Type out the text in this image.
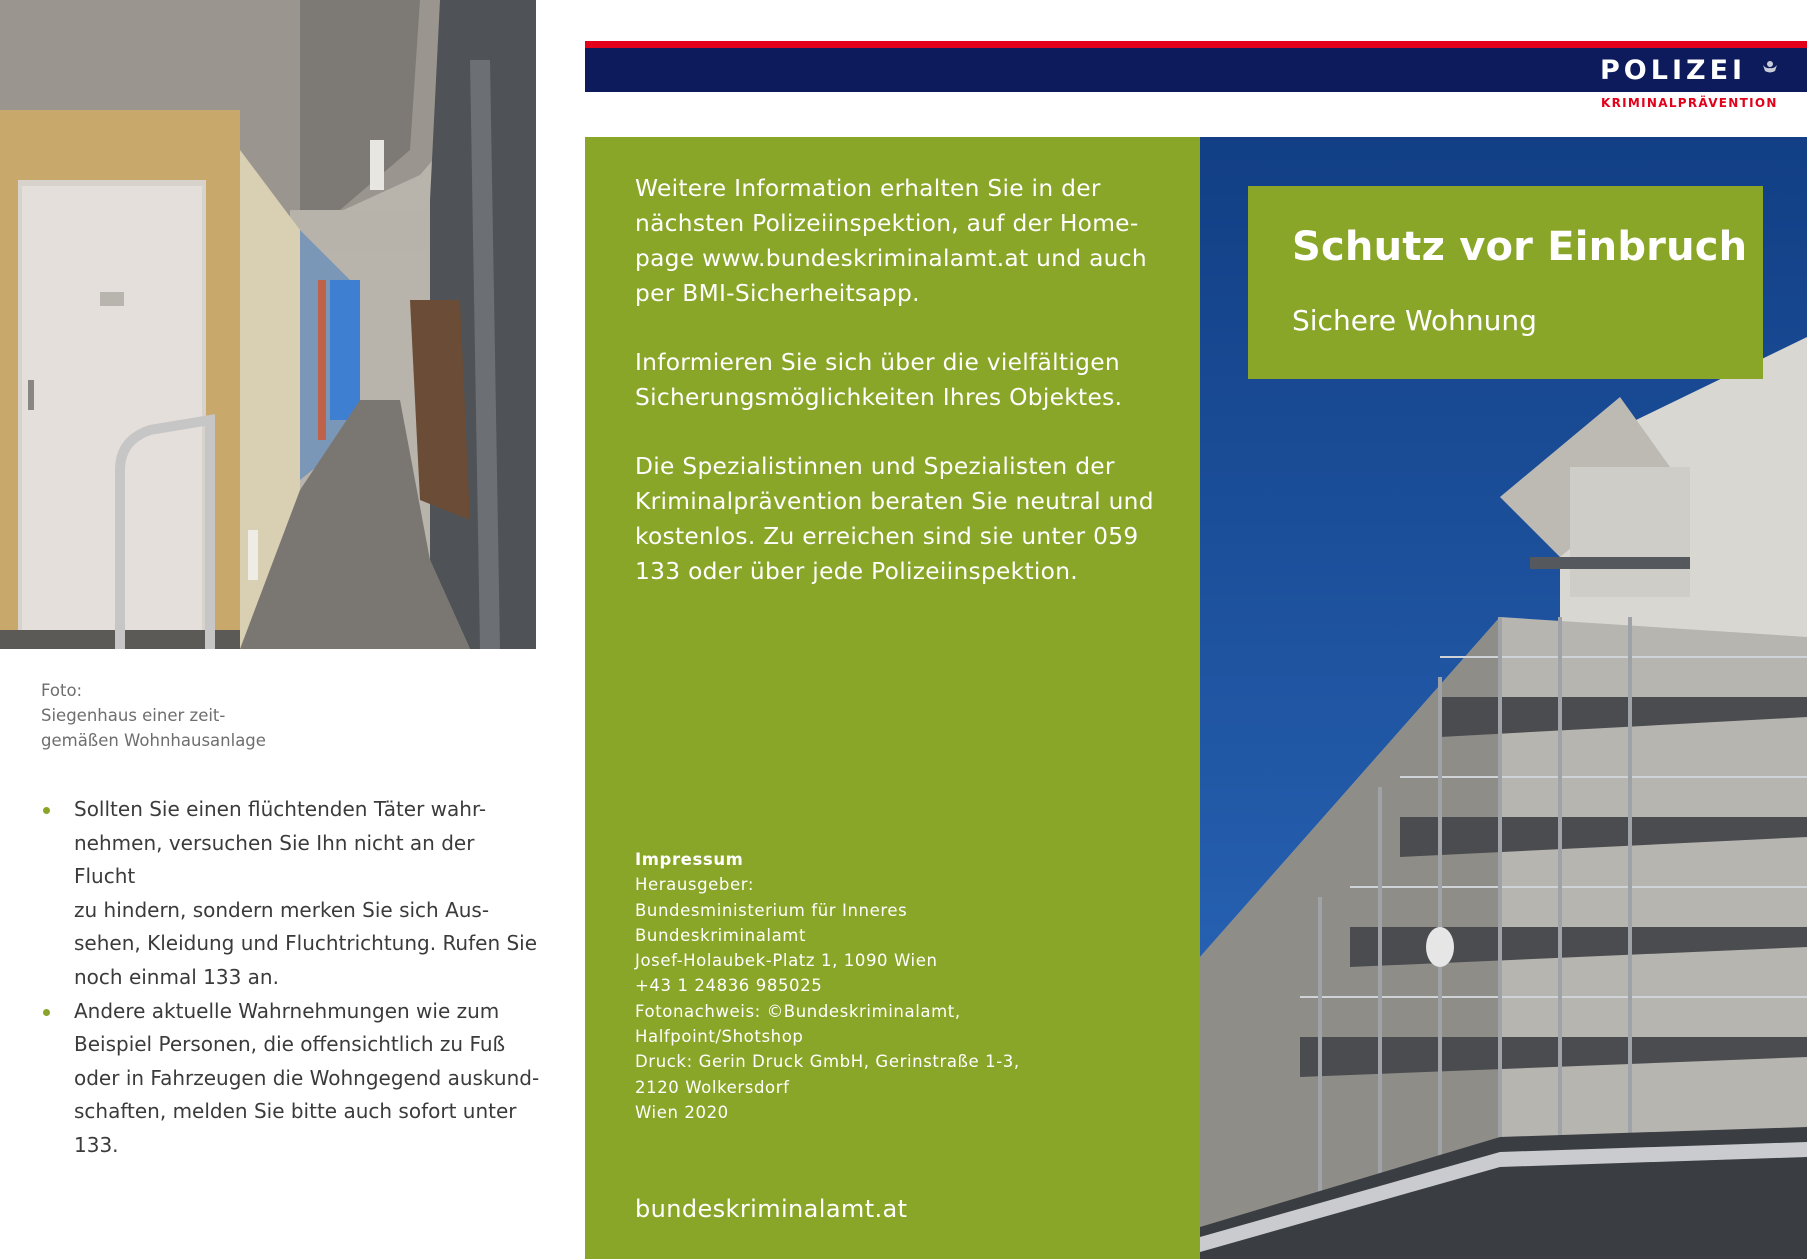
Foto:
Siegenhaus einer zeit-
gemäßen Wohnhausanlage
Sollten Sie einen flüchtenden Täter wahr-
nehmen, versuchen Sie Ihn nicht an der Flucht
zu hindern, sondern merken Sie sich Aus-
sehen, Kleidung und Fluchtrichtung. Rufen Sie
noch einmal 133 an.
Andere aktuelle Wahrnehmungen wie zum
Beispiel Personen, die offensichtlich zu Fuß
oder in Fahrzeugen die Wohngegend auskund-
schaften, melden Sie bitte auch sofort unter
133.
POLIZEI
KRIMINALPRÄVENTION

Weitere Information erhalten Sie in der
nächsten Polizeiinspektion, auf der Home-
page www.bundeskriminalamt.at und auch
per BMI-Sicherheitsapp.

Informieren Sie sich über die vielfältigen
Sicherungsmöglichkeiten Ihres Objektes.

Die Spezialistinnen und Spezialisten der
Kriminalprävention beraten Sie neutral und
kostenlos. Zu erreichen sind sie unter 059
133 oder über jede Polizeiinspektion.

Impressum
Herausgeber:
Bundesministerium für Inneres
Bundeskriminalamt
Josef-Holaubek-Platz 1, 1090 Wien
+43 1 24836 985025
Fotonachweis: ©Bundeskriminalamt,
Halfpoint/Shotshop
Druck: Gerin Druck GmbH, Gerinstraße 1-3,
2120 Wolkersdorf
Wien 2020
bundeskriminalamt.at
Schutz vor Einbruch
Sichere Wohnung
